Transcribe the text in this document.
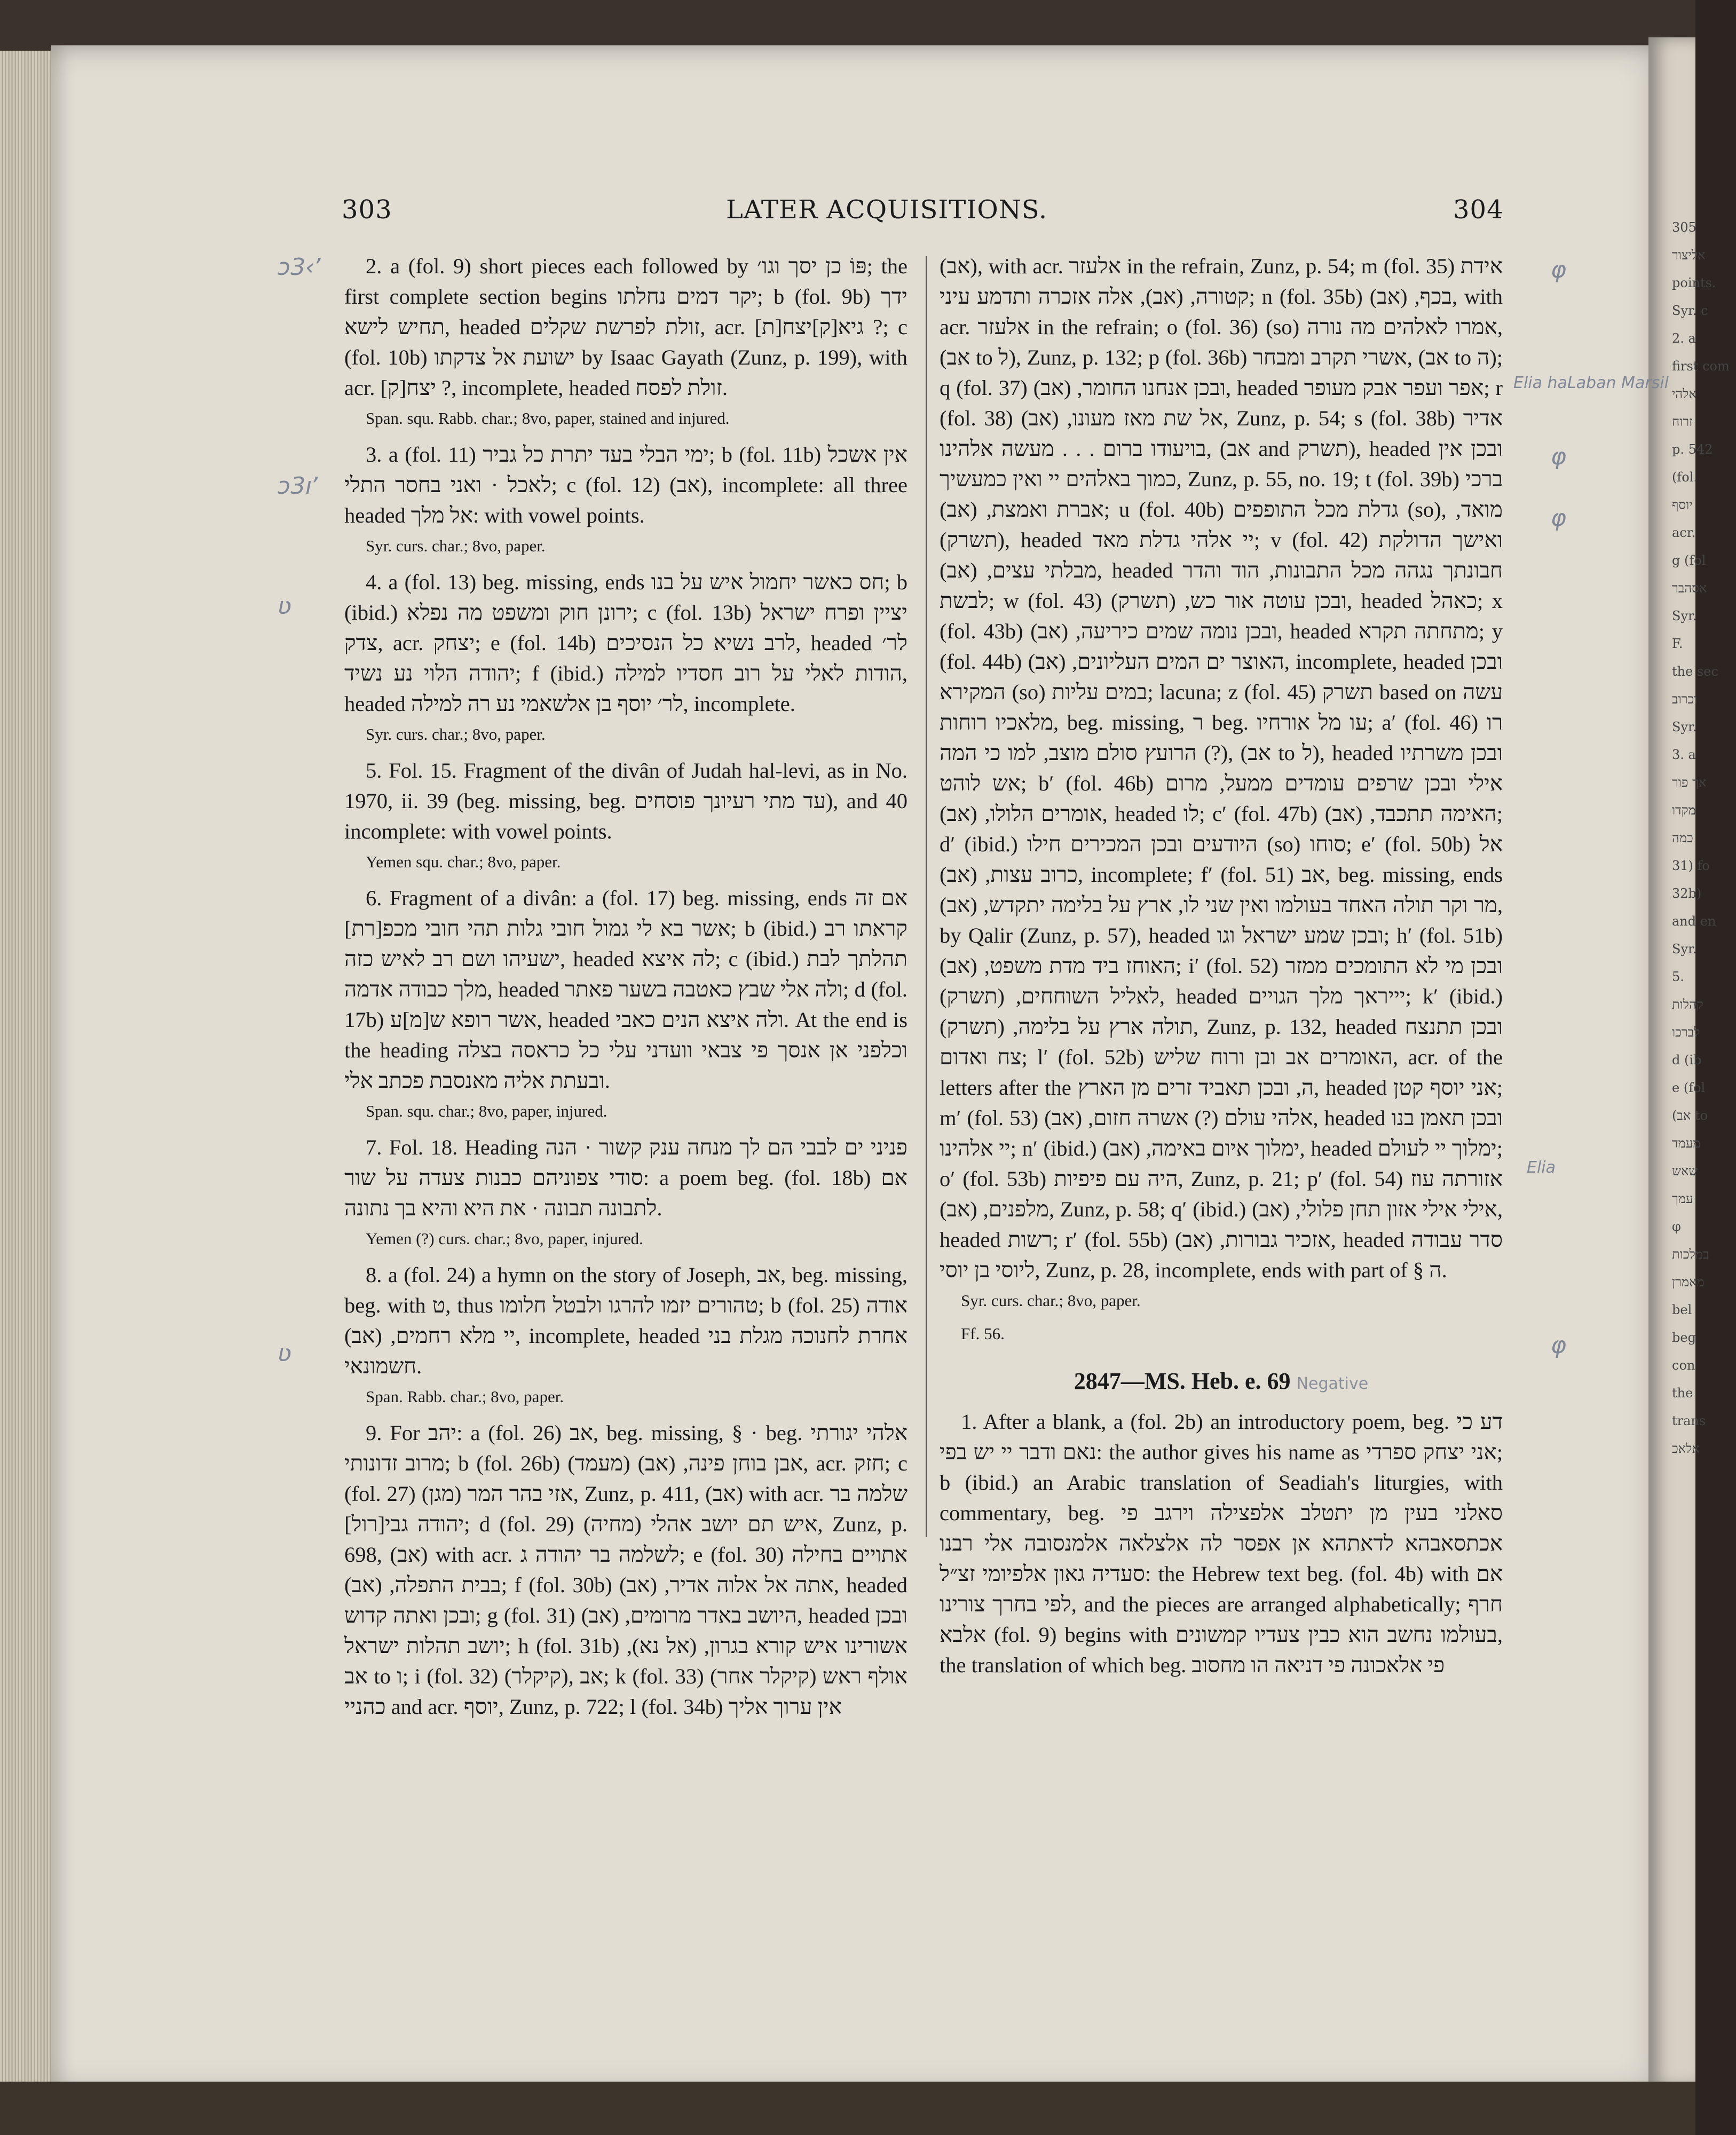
305
אליצור
points.
Syr. c
2. a
first com
אלהי
זרוח
p. 542
(fol.
יוסף
acr.
g (fol
אסהבר
Syr.
F.
the sec
וכרוב
Syr.
3. a
אך פור
מקדו
כמה
31) fo
32b)
and en
Syr.
5.
קהלות
לברכו
d (ib
e (fol
(אב to
מעמד
שאש
עמך
φ
במלכות
מאמרן
bel
beg
con
the
trans
אלאכ
303	LATER ACQUISITIONS.	304

2. a (fol. 9) short pieces each followed by פּוֹ כן יסך וגו׳; the first complete section begins יקר דמים נחלתו; b (fol. 9b) ידך תחיש לישא, headed זולת לפרשת שקלים, acr. [ת]גיא[ק]יצח ?; c (fol. 10b) ישועת אל צדקתו by Isaac Gayath (Zunz, p. 199), with acr. [ק]יצח ?, incomplete, headed זולת לפסח.

Span. squ. Rabb. char.; 8vo, paper, stained and injured.

3. a (fol. 11) ימי הבלי בעד יתרת כל גביר; b (fol. 11b) אין אשכל לאכל · ואני בחסר התלי; c (fol. 12) (אב), incomplete: all three headed אל מלך: with vowel points.

Syr. curs. char.; 8vo, paper.

4. a (fol. 13) beg. missing, ends חס כאשר יחמול איש על בנו; b (ibid.) ירונן חוק ומשפט מה נפלא; c (fol. 13b) יציין ופרח ישראל צדק, acr. יצחק; e (fol. 14b) לרב נשיא כל הנסיכים, headed לר׳ יהודה הלוי נע נשיד; f (ibid.) הודות לאלי על רוב חסדיו למילה, headed לר׳ יוסף בן אלשאמי נע רה למילה, incomplete.

Syr. curs. char.; 8vo, paper.

5. Fol. 15. Fragment of the divân of Judah hal-levi, as in No. 1970, ii. 39 (beg. missing, beg. עד מתי רעיונך פוסחים), and 40 incomplete: with vowel points.

Yemen squ. char.; 8vo, paper.

6. Fragment of a divân: a (fol. 17) beg. missing, ends אם זה אשר בא לי גמול חובי גלות תהי חובי מכפ[רת]; b (ibid.) קראתו רב ישעיהו ושם רב לאיש כזה, headed לה איצא; c (ibid.) תהלתך לבת מלך כבודה אדמה, headed ולה אלי שבץ כאטבה בשער פאתר; d (fol. 17b) אשר רופא ש[מ]ע, headed ולה איצא הנים כאבי. At the end is the heading וכלפני אן אנסך פי צבאי וועדני עלי כל כראסה בצלה ובעתת אליה מאנסבת פכתב אלי.

Span. squ. char.; 8vo, paper, injured.

7. Fol. 18. Heading פניני ים לבבי הם לך מנחה ענק קשור · הנה סודי צפוניהם כבנות צעדה על שור: a poem beg. (fol. 18b) אם לתבונה תבונה · את היא והיא בך נתונה.

Yemen (?) curs. char.; 8vo, paper, injured.

8. a (fol. 24) a hymn on the story of Joseph, אב, beg. missing, beg. with ט, thus טהורים יזמו להרגו ולבטל חלומו; b (fol. 25) אודה יי מלא רחמים, (אב), incomplete, headed אחרת לחנוכה מגלת בני חשמונאי.

Span. Rabb. char.; 8vo, paper.

9. For יהב: a (fol. 26) אב, beg. missing, § · beg. אלהי יגורתי מרוב זדונותי; b (fol. 26b) (מעמד) אבן בוחן פינה, (אב), acr. חזק; c (fol. 27) (מגן) אזי בהר המר, Zunz, p. 411, (אב) with acr. שלמה בר יהודה גבי[רול]; d (fol. 29) (מחיה) איש תם יושב אהלי, Zunz, p. 698, (אב) with acr. לשלמה בר יהודה ג; e (fol. 30) אתויים בחילה בבית התפלה, (אב); f (fol. 30b) אתה אל אלוה אדיר, (אב), headed ובכן ואתה קדוש; g (fol. 31) היושב באדר מרומים, (אב), headed ובכן יושב תהלות ישראל; h (fol. 31b) אשורינו איש קורא בגרון, (אל נא), אב to ו; i (fol. 32) (קיקלר), אב; k (fol. 33) (קיקלר אחר) אולף ראש כהניי and acr. יוסף, Zunz, p. 722; l (fol. 34b) אין ערוך אליך

(אב), with acr. אלעזר in the refrain, Zunz, p. 54; m (fol. 35) אידת קטורה, (אב), אלה אזכרה ותדמע עיני; n (fol. 35b) בכף, (אב), with acr. אלעזר in the refrain; o (fol. 36) (so) אמרו לאלהים מה נורה, (אב to ל), Zunz, p. 132; p (fol. 36b) אשרי תקרב ומבחר, (אב to ה); q (fol. 37) ובכן אנחנו החומר, (אב), headed אפר ועפר אבק מעופר; r (fol. 38) אל שת מאז מעונו, (אב), Zunz, p. 54; s (fol. 38b) אדיר בויעודו ברום . . . מעשה אלהינו, (אב and תשרק), headed ובכן אין כמוך באלהים יי ואין כמעשיך, Zunz, p. 55, no. 19; t (fol. 39b) ברכי אברת ואמצת, (אב); u (fol. 40b) גדלת מכל התופפים (so), מואד, (תשרק), headed יי אלהי גדלת מאד; v (fol. 42) ואישך הדולקת מבלתי עצים, (אב), headed חבונתך נגהה מכל התבונות, הוד והדר לבשת; w (fol. 43) ובכן עוטה אור כש, (תשרק), headed כאהל; x (fol. 43b) ובכן נומה שמים כיריעה, (אב), headed מתחתה תקרא; y (fol. 44b) האוצר ים המים העליונים, (אב), incomplete, headed ובכן המקירא (so) במים עליות; lacuna; z (fol. 45) תשרק based on עשה מלאכיו רוחות, beg. missing, ר beg. עו מל אורחיו; a′ (fol. 46) רו הרועץ סולם מוצב, למו כי המה (?), (אב to ל), headed ובכן משרתיו אש לוהט; b′ (fol. 46b) אילי ובכן שרפים עומדים ממעל, מרום אומרים הלולו, (אב), headed לו; c′ (fol. 47b) האימה תתכבד, (אב); d′ (ibid.) היודעים ובכן המכירים חילו (so) סוחו; e′ (fol. 50b) אל כרוב עצות, (אב), incomplete; f′ (fol. 51) אב, beg. missing, ends מר וקר תולה האחד בעולמו ואין שני לו, ארץ על בלימה יתקדש, (אב), by Qalir (Zunz, p. 57), headed ובכן שמע ישראל וגו; h′ (fol. 51b) האוחז ביד מדת משפט, (אב); i′ (fol. 52) ובכן מי לא התומכים ממזר לאליל השוחחים, (תשרק), headed יייראך מלך הגויים; k′ (ibid.) תולה ארץ על בלימה, (תשרק), Zunz, p. 132, headed ובכן תתנצח צח ואדום; l′ (fol. 52b) האומרים אב ובן ורוח שליש, acr. of the letters after the ה, ובכן תאביד זרים מן הארץ, headed אני יוסף קטן; m′ (fol. 53) אלהי עולם (?) אשרה חזום, (אב), headed ובכן תאמן בנו יי אלהינו; n′ (ibid.) ימלוך איום באימה, (אב), headed ימלוך יי לעולם; o′ (fol. 53b) היה עם פיפיות, Zunz, p. 21; p′ (fol. 54) אזורתה עוז מלפנים, (אב), Zunz, p. 58; q′ (ibid.) אילי אילי אזון תחן פלולי, (אב), headed רשות; r′ (fol. 55b) אזכיר גבורות, (אב), headed סדר עבודה ליוסי בן יוסי, Zunz, p. 28, incomplete, ends with part of § ה.

Syr. curs. char.; 8vo, paper.
Ff. 56.
2847—MS. Heb. e. 69 Negative

1. After a blank, a (fol. 2b) an introductory poem, beg. דע כי נאם ודבר יי יש בפי: the author gives his name as אני יצחק ספרדי; b (ibid.) an Arabic translation of Seadiah's liturgies, with commentary, beg. סאלני בעין מן יתטלב אלפצילה וירגב פי אכתסאבהא לדאתהא אן אפסר לה אלצלאה אלמנסובה אלי רבנו סעדיה גאון אלפיומי זצ״ל: the Hebrew text beg. (fol. 4b) with אם לפי בחרך צורינו, and the pieces are arranged alphabetically; חרף אלבא (fol. 9) begins with בעולמו נחשב הוא כבין צעדיו קמשונים, the translation of which beg. פי אלאכונה פי דניאה הו מחסוב

ɔ3‹ʼ
ɔ3ıʼ
ʋ
ʋ
φ
φ
φ
Elia haLaban Marsil
Elia
φ
